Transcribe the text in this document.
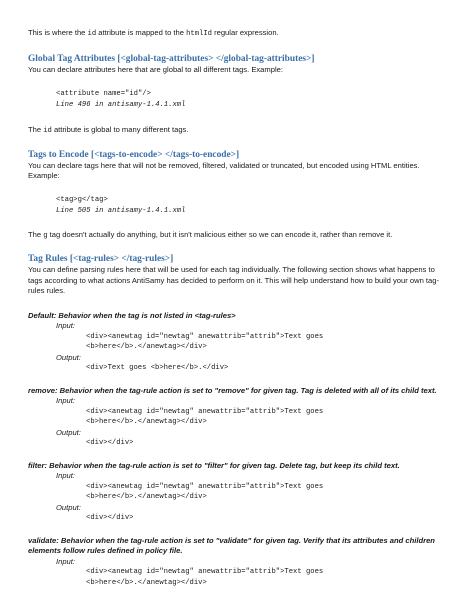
This is where the id attribute is mapped to the htmlId regular expression.

Global Tag Attributes [<global-tag-attributes> </global-tag-attributes>]

You can declare attributes here that are global to all different tags. Example:

<attribute name="id"/>
Line 496 in antisamy-1.4.1.xml

The id attribute is global to many different tags.

Tags to Encode [<tags-to-encode> </tags-to-encode>]

You can declare tags here that will not be removed, filtered, validated or truncated, but encoded using HTML entities. Example:

<tag>g</tag>
Line 505 in antisamy-1.4.1.xml

The g tag doesn't actually do anything, but it isn't malicious either so we can encode it, rather than remove it.

Tag Rules [<tag-rules> </tag-rules>]

You can define parsing rules here that will be used for each tag individually. The following section shows what happens to tags according to what actions AntiSamy has decided to perform on it. This will help understand how to build your own tag-rules rules.

Default: Behavior when the tag is not listed in <tag-rules>

Input:

<div><anewtag id="newtag" anewattrib="attrib">Text goes
<b>here</b>.</anewtag></div>

Output:

<div>Text goes <b>here</b>.</div>

remove: Behavior when the tag-rule action is set to "remove" for given tag. Tag is deleted with all of its child text.

Input:

<div><anewtag id="newtag" anewattrib="attrib">Text goes
<b>here</b>.</anewtag></div>

Output:

<div></div>

filter: Behavior when the tag-rule action is set to "filter" for given tag. Delete tag, but keep its child text.

Input:

<div><anewtag id="newtag" anewattrib="attrib">Text goes
<b>here</b>.</anewtag></div>

Output:

<div></div>

validate: Behavior when the tag-rule action is set to "validate" for given tag. Verify that its attributes and children elements follow rules defined in policy file.

Input:

<div><anewtag id="newtag" anewattrib="attrib">Text goes
<b>here</b>.</anewtag></div>
